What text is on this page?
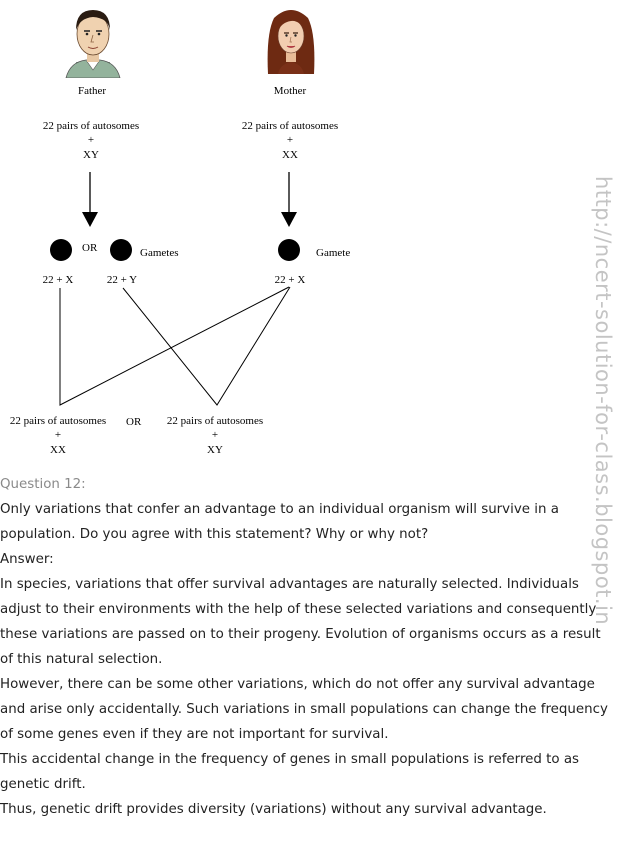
Father	Mother
22 pairs of autosomes
+
XY
22 pairs of autosomes
+
XX
OR	Gametes	Gamete
22 + X	22 + Y	22 + X
22 pairs of autosomes
+
XX
OR 22 pairs of autosomes
+
XY	http://ncert-solution-for-class.blogspot.in

Question 12:

Only variations that confer an advantage to an individual organism will survive in a population. Do you agree with this statement? Why or why not?

Answer:

In species, variations that offer survival advantages are naturally selected. Individuals adjust to their environments with the help of these selected variations and consequently these variations are passed on to their progeny. Evolution of organisms occurs as a result of this natural selection.

However, there can be some other variations, which do not offer any survival advantage and arise only accidentally. Such variations in small populations can change the frequency of some genes even if they are not important for survival.

This accidental change in the frequency of genes in small populations is referred to as genetic drift.

Thus, genetic drift provides diversity (variations) without any survival advantage.
